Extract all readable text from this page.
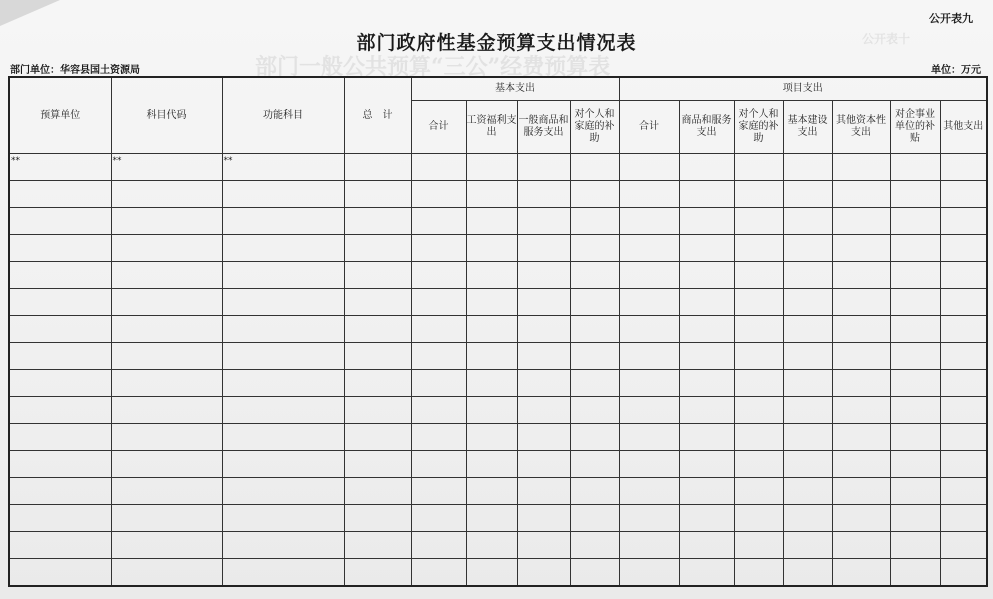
部门一般公共预算“三公”经费预算表
公开表十
公开表九
部门政府性基金预算支出情况表
部门单位：华容县国土资源局	单位：万元
预算单位	科目代码	功能科目	总　计	基本支出				项目支出						
				合计	工资福利支出	一般商品和服务支出	对个人和家庭的补助	合计	商品和服务支出	对个人和家庭的补助	基本建设支出	其他资本性支出	对企事业单位的补贴	其他支出
**	**	**												
